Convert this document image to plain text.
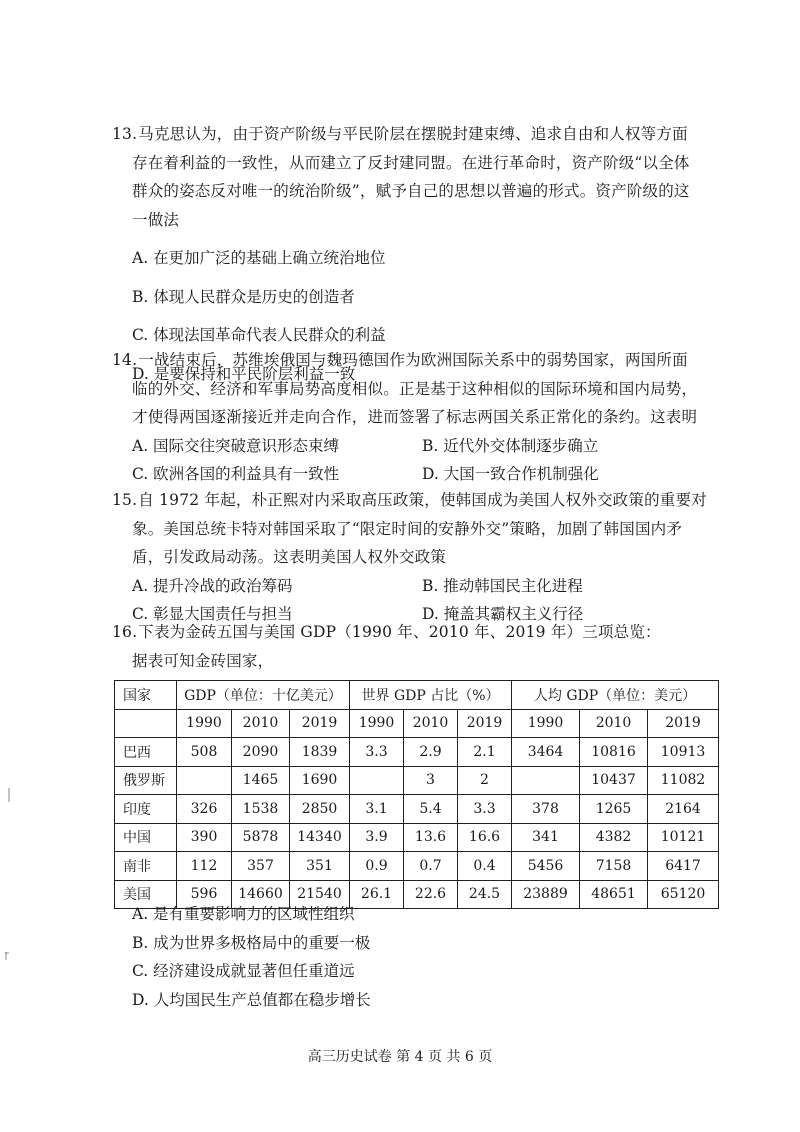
13.马克思认为，由于资产阶级与平民阶层在摆脱封建束缚、追求自由和人权等方面
存在着利益的一致性，从而建立了反封建同盟。在进行革命时，资产阶级“以全体
群众的姿态反对唯一的统治阶级”，赋予自己的思想以普遍的形式。资产阶级的这
一做法
A. 在更加广泛的基础上确立统治地位
B. 体现人民群众是历史的创造者
C. 体现法国革命代表人民群众的利益
D. 是要保持和平民阶层利益一致
14.一战结束后，苏维埃俄国与魏玛德国作为欧洲国际关系中的弱势国家，两国所面
临的外交、经济和军事局势高度相似。正是基于这种相似的国际环境和国内局势，
才使得两国逐渐接近并走向合作，进而签署了标志两国关系正常化的条约。这表明
A. 国际交往突破意识形态束缚	B. 近代外交体制逐步确立
C. 欧洲各国的利益具有一致性	D. 大国一致合作机制强化
15.自 1972 年起，朴正熙对内采取高压政策，使韩国成为美国人权外交政策的重要对
象。美国总统卡特对韩国采取了“限定时间的安静外交”策略，加剧了韩国国内矛
盾，引发政局动荡。这表明美国人权外交政策
A. 提升冷战的政治筹码	B. 推动韩国民主化进程
C. 彰显大国责任与担当	D. 掩盖其霸权主义行径
16.下表为金砖五国与美国 GDP（1990 年、2010 年、2019 年）三项总览：
据表可知金砖国家，
国家	GDP（单位：十亿美元）			世界 GDP 占比（%）			人均 GDP（单位：美元）		
	1990	2010	2019	1990	2010	2019	1990	2010	2019
巴西	508	2090	1839	3.3	2.9	2.1	3464	10816	10913
俄罗斯		1465	1690		3	2		10437	11082
印度	326	1538	2850	3.1	5.4	3.3	378	1265	2164
中国	390	5878	14340	3.9	13.6	16.6	341	4382	10121
南非	112	357	351	0.9	0.7	0.4	5456	7158	6417
美国	596	14660	21540	26.1	22.6	24.5	23889	48651	65120
A. 是有重要影响力的区域性组织
B. 成为世界多极格局中的重要一极
C. 经济建设成就显著但任重道远
D. 人均国民生产总值都在稳步增长
高三历史试卷 第 4 页 共 6 页
